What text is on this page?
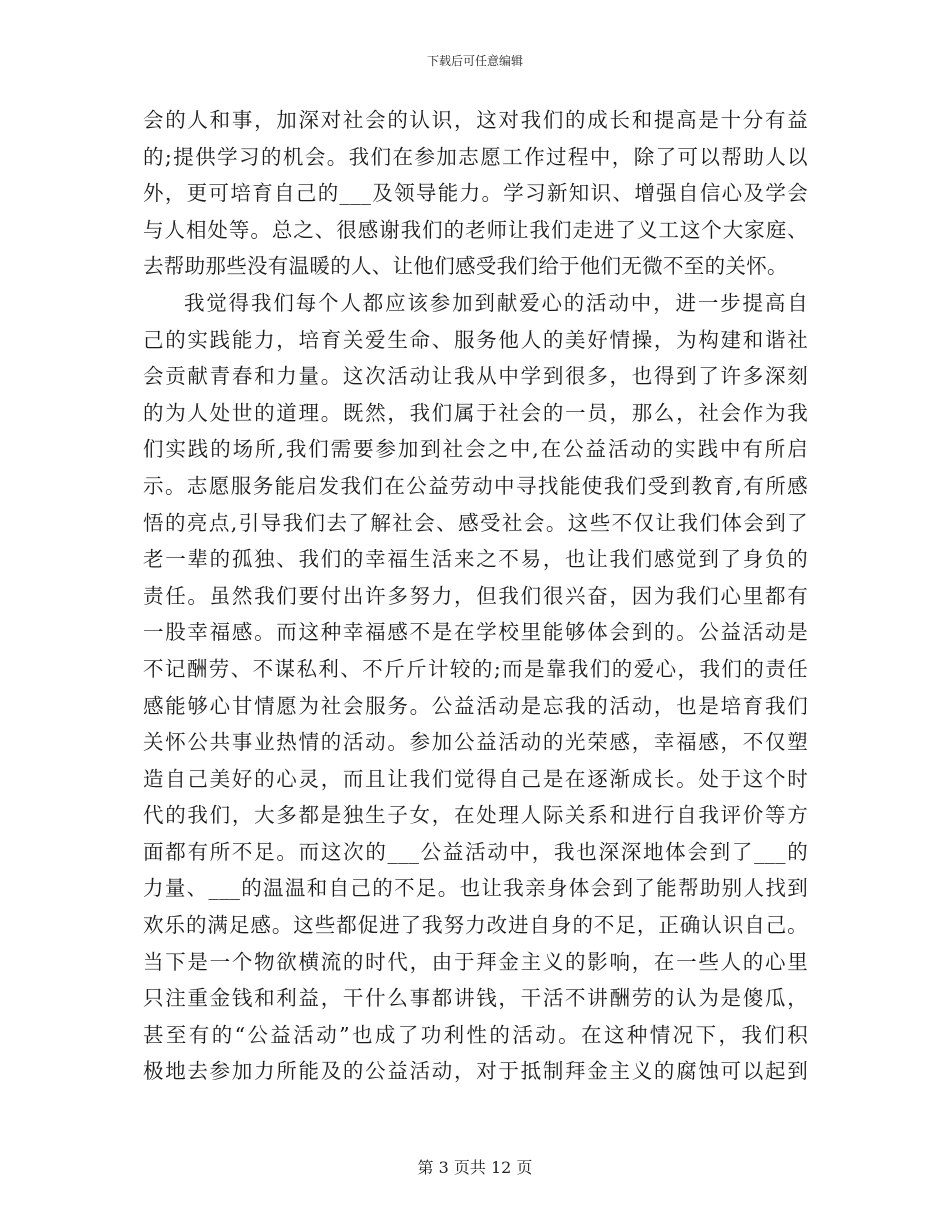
下载后可任意编辑
会的人和事，加深对社会的认识，这对我们的成长和提高是十分有益
的;提供学习的机会。我们在参加志愿工作过程中，除了可以帮助人以
外，更可培育自己的___及领导能力。学习新知识、增强自信心及学会
与人相处等。总之、很感谢我们的老师让我们走进了义工这个大家庭、
去帮助那些没有温暖的人、让他们感受我们给于他们无微不至的关怀。
我觉得我们每个人都应该参加到献爱心的活动中，进一步提高自
己的实践能力，培育关爱生命、服务他人的美好情操，为构建和谐社
会贡献青春和力量。这次活动让我从中学到很多，也得到了许多深刻
的为人处世的道理。既然，我们属于社会的一员，那么，社会作为我
们实践的场所,我们需要参加到社会之中,在公益活动的实践中有所启
示。志愿服务能启发我们在公益劳动中寻找能使我们受到教育,有所感
悟的亮点,引导我们去了解社会、感受社会。这些不仅让我们体会到了
老一辈的孤独、我们的幸福生活来之不易，也让我们感觉到了身负的
责任。虽然我们要付出许多努力，但我们很兴奋，因为我们心里都有
一股幸福感。而这种幸福感不是在学校里能够体会到的。公益活动是
不记酬劳、不谋私利、不斤斤计较的;而是靠我们的爱心，我们的责任
感能够心甘情愿为社会服务。公益活动是忘我的活动，也是培育我们
关怀公共事业热情的活动。参加公益活动的光荣感，幸福感，不仅塑
造自己美好的心灵，而且让我们觉得自己是在逐渐成长。处于这个时
代的我们，大多都是独生子女，在处理人际关系和进行自我评价等方
面都有所不足。而这次的___公益活动中，我也深深地体会到了___的
力量、___的温温和自己的不足。也让我亲身体会到了能帮助别人找到
欢乐的满足感。这些都促进了我努力改进自身的不足，正确认识自己。
当下是一个物欲横流的时代，由于拜金主义的影响，在一些人的心里
只注重金钱和利益，干什么事都讲钱，干活不讲酬劳的认为是傻瓜，
甚至有的“公益活动”也成了功利性的活动。在这种情况下，我们积
极地去参加力所能及的公益活动，对于抵制拜金主义的腐蚀可以起到
第 3 页共 12 页
